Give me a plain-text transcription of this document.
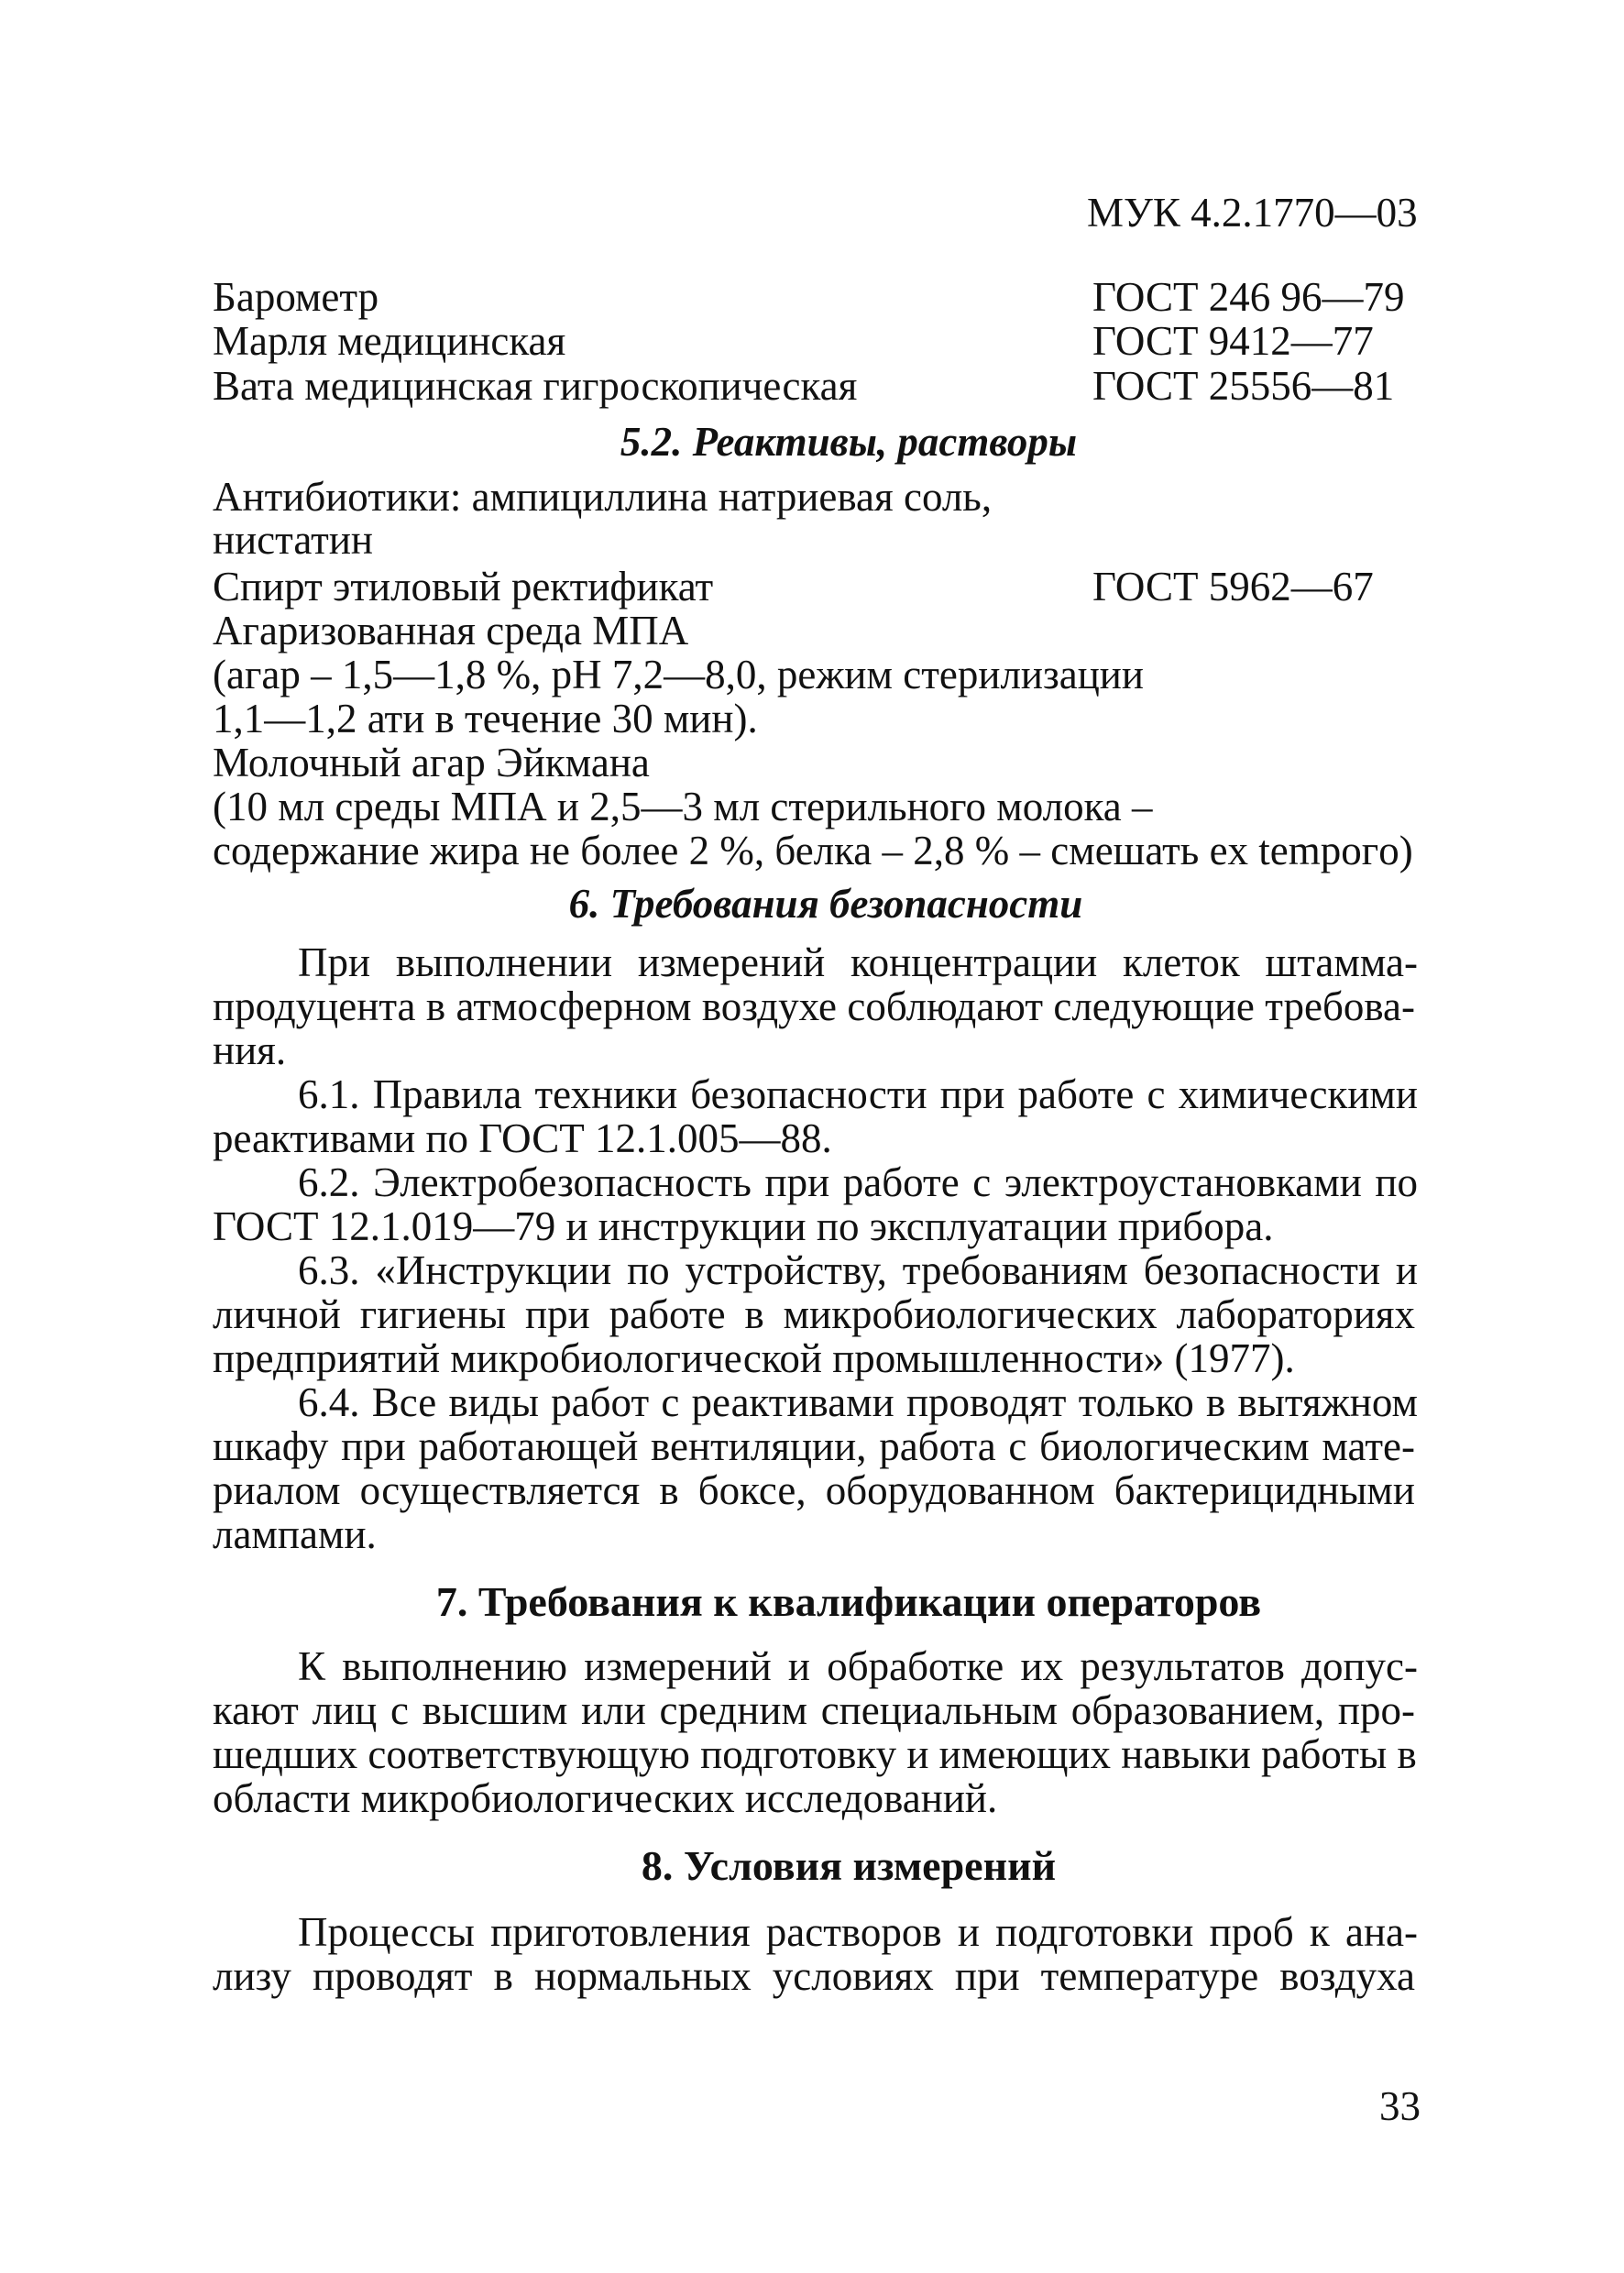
МУК 4.2.1770—03
Барометр	ГОСТ 246 96—79
Марля медицинская	ГОСТ 9412—77
Вата медицинская гигроскопическая	ГОСТ 25556—81
5.2. Реактивы, растворы
Антибиотики: ампициллина натриевая соль,
нистатин
Спирт этиловый ректификат	ГОСТ 5962—67
Агаризованная среда МПА
(агар – 1,5—1,8 %, pH 7,2—8,0, режим стерилизации
1,1—1,2 ати в течение 30 мин).
Молочный агар Эйкмана
(10 мл среды МПА и 2,5—3 мл стерильного молока –
содержание жира не более 2 %, белка – 2,8 % – смешать ex tempoгo)
6. Требования безопасности
При выполнении измерений концентрации клеток штамма-
продуцента в атмосферном воздухе соблюдают следующие требова-
ния.
6.1. Правила техники безопасности при работе с химическими
реактивами по ГОСТ 12.1.005—88.
6.2. Электробезопасность при работе с электроустановками по
ГОСТ 12.1.019—79 и инструкции по эксплуатации прибора.
6.3. «Инструкции по устройству, требованиям безопасности и
личной гигиены при работе в микробиологических лабораториях
предприятий микробиологической промышленности» (1977).
6.4. Все виды работ с реактивами проводят только в вытяжном
шкафу при работающей вентиляции, работа с биологическим мате-
риалом осуществляется в боксе, оборудованном бактерицидными
лампами.
7. Требования к квалификации операторов
К выполнению измерений и обработке их результатов допус-
кают лиц с высшим или средним специальным образованием, про-
шедших соответствующую подготовку и имеющих навыки работы в
области микробиологических исследований.
8. Условия измерений
Процессы приготовления растворов и подготовки проб к ана-
лизу проводят в нормальных условиях при температуре воздуха
33
